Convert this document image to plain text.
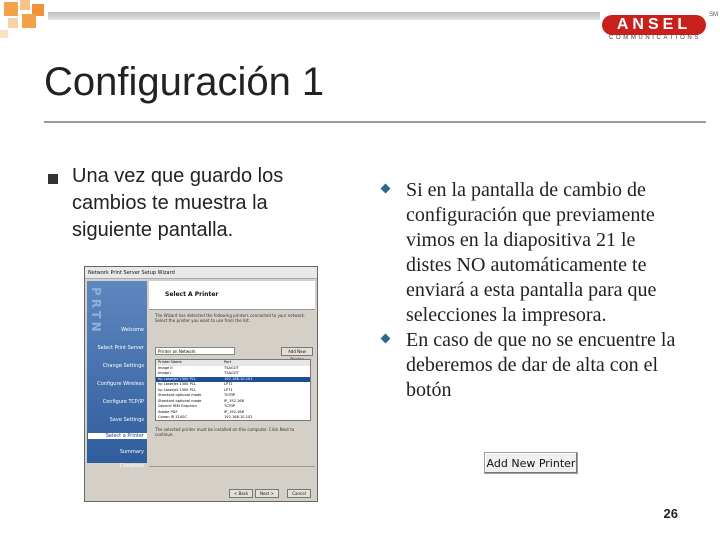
ANSEL
SM
COMMUNICATIONS
Configuración 1
Una vez que guardo los cambios te muestra la siguiente pantalla.
Network Print Server Setup Wizard
PRTN	Welcome
Select Print Server
Change Settings
Configure Wireless
Configure TCP/IP
Save Settings
Select a Printer
Summary
Complete
Select A Printer
The Wizard has detected the following printers connected to your network. Select the printer you want to use from the list.
Printer on Network	Add New
Printer Name	Port
Image II	TSAGOT
Image I	TSAGOT
hp LaserJet 1300 PCL	192.168.10.101
hp LaserJet 1300 PCL	LPT1
hp LaserJet 1300 PCL	LPT1
Standard optional mode	TCP/IP
Standard optional mode	IP_192.168
Generic IBM Graphics	TCP/IP
Adobe PDF	IP_192.168
Canon IR 3100C	192.168.10.102
The selected printer must be installed on this computer. Click Next to continue.
< Back	Next >	Cancel
Si en la pantalla de cambio de configuración que previamente vimos en la diapositiva 21 le distes NO automáticamente te enviará a esta pantalla para que selecciones la impresora.
En caso de que no se encuentre la deberemos de dar de alta con el botón
Add New Printer
26
